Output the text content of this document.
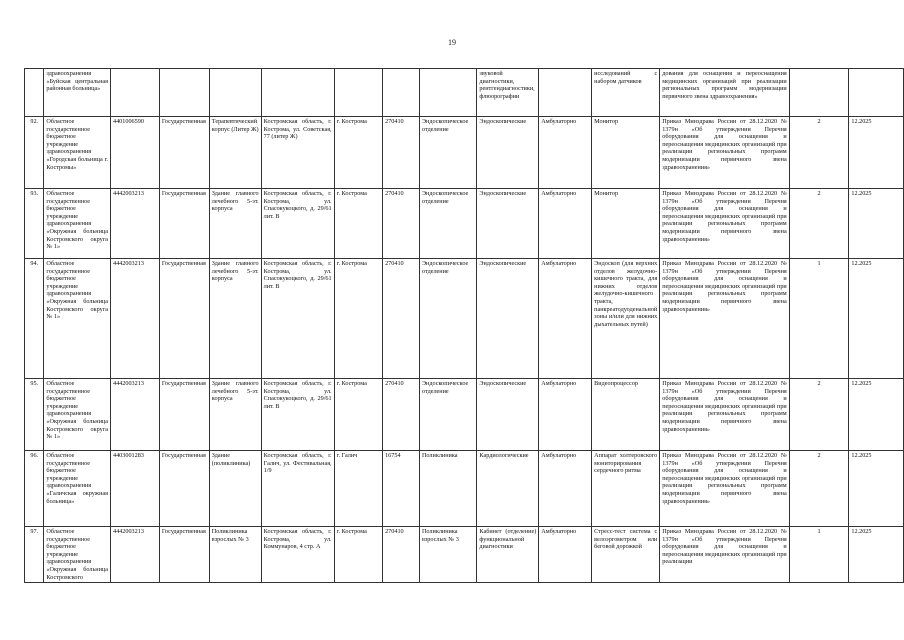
19
	здравоохранения
«Буйская центральная районная больница»								звуковой диагностики, рентгендиагностики, флюорографии		исследований с набором датчиков	дования для оснащения и переоснащения медицинских организаций при реализации региональных программ модернизации первичного звена здравоохранения»		
92.	Областное государственное бюджетное учреждение здравоохранения «Городская больница г. Костромы»	4401006590	Государственная	Терапевтический корпус (Литер Ж)	Костромская область, г. Кострома, ул. Советская, 77 (литер Ж)	г. Кострома	270410	Эндоскопическое отделение	Эндоскопические	Амбулаторно	Монитор	Приказ Минздрава России от 28.12.2020 № 1379н «Об утверждении Перечня оборудования для оснащения и переоснащения медицинских организаций при реализации региональных программ модернизации первичного звена здравоохранения»	2	12.2025
93.	Областное государственное бюджетное учреждение здравоохранения «Окружная больница Костромского округа № 1»	4442003213	Государственная	Здание главного лечебного 5-эт. корпуса	Костромская область, г. Кострома, ул. Спасокукоцкого, д. 29/61 лит. В	г. Кострома	270410	Эндоскопическое отделение	Эндоскопические	Амбулаторно	Монитор	Приказ Минздрава России от 28.12.2020 № 1379н «Об утверждении Перечня оборудования для оснащения и переоснащения медицинских организаций при реализации региональных программ модернизации первичного звена здравоохранения»	2	12.2025
94.	Областное государственное бюджетное учреждение здравоохранения «Окружная больница Костромского округа № 1»	4442003213	Государственная	Здание главного лечебного 5-эт. корпуса	Костромская область, г. Кострома, ул. Спасокукоцкого, д. 29/61 лит. В	г. Кострома	270410	Эндоскопическое отделение	Эндоскопические	Амбулаторно	Эндоскоп (для верхних отделов желудочно-кишечного тракта, для нижних отделов желудочно-кишечного тракта, панкреатодуоденальной зоны и/или для нижних дыхательных путей)	Приказ Минздрава России от 28.12.2020 № 1379н «Об утверждении Перечня оборудования для оснащения и переоснащения медицинских организаций при реализации региональных программ модернизации первичного звена здравоохранения»	1	12.2025
95.	Областное государственное бюджетное учреждение здравоохранения «Окружная больница Костромского округа № 1»	4442003213	Государственная	Здание главного лечебного 5-эт. корпуса	Костромская область, г. Кострома, ул. Спасокукоцкого, д. 29/61 лит. В	г. Кострома	270410	Эндоскопическое отделение	Эндоскопические	Амбулаторно	Видеопроцессор	Приказ Минздрава России от 28.12.2020 № 1379н «Об утверждении Перечня оборудования для оснащения и переоснащения медицинских организаций при реализации региональных программ модернизации первичного звена здравоохранения»	2	12.2025
96.	Областное государственное бюджетное учреждение здравоохранения «Галичская окружная больница»	4403001283	Государственная	Здание (поликлиника)	Костромская область, г. Галич, ул. Фестивальная, 1/9	г. Галич	16754	Поликлиника	Кардиологические	Амбулаторно	Аппарат холтеровского мониторирования сердечного ритма	Приказ Минздрава России от 28.12.2020 № 1379н «Об утверждении Перечня оборудования для оснащения и переоснащения медицинских организаций при реализации региональных программ модернизации первичного звена здравоохранения»	2	12.2025
97.	Областное государственное бюджетное учреждение здравоохранения «Окружная больница Костромского	4442003213	Государственная	Поликлиника взрослых № 3	Костромская область, г. Кострома, ул. Коммунаров, 4 стр. А	г. Кострома	270410	Поликлиника взрослых № 3	Кабинет (отделение) функциональной диагностики	Амбулаторно	Стресс-тест система с велоэргометром или беговой дорожкой	Приказ Минздрава России от 28.12.2020 № 1379н «Об утверждении Перечня оборудования для оснащения и переоснащения медицинских организаций при реализации	1	12.2025
